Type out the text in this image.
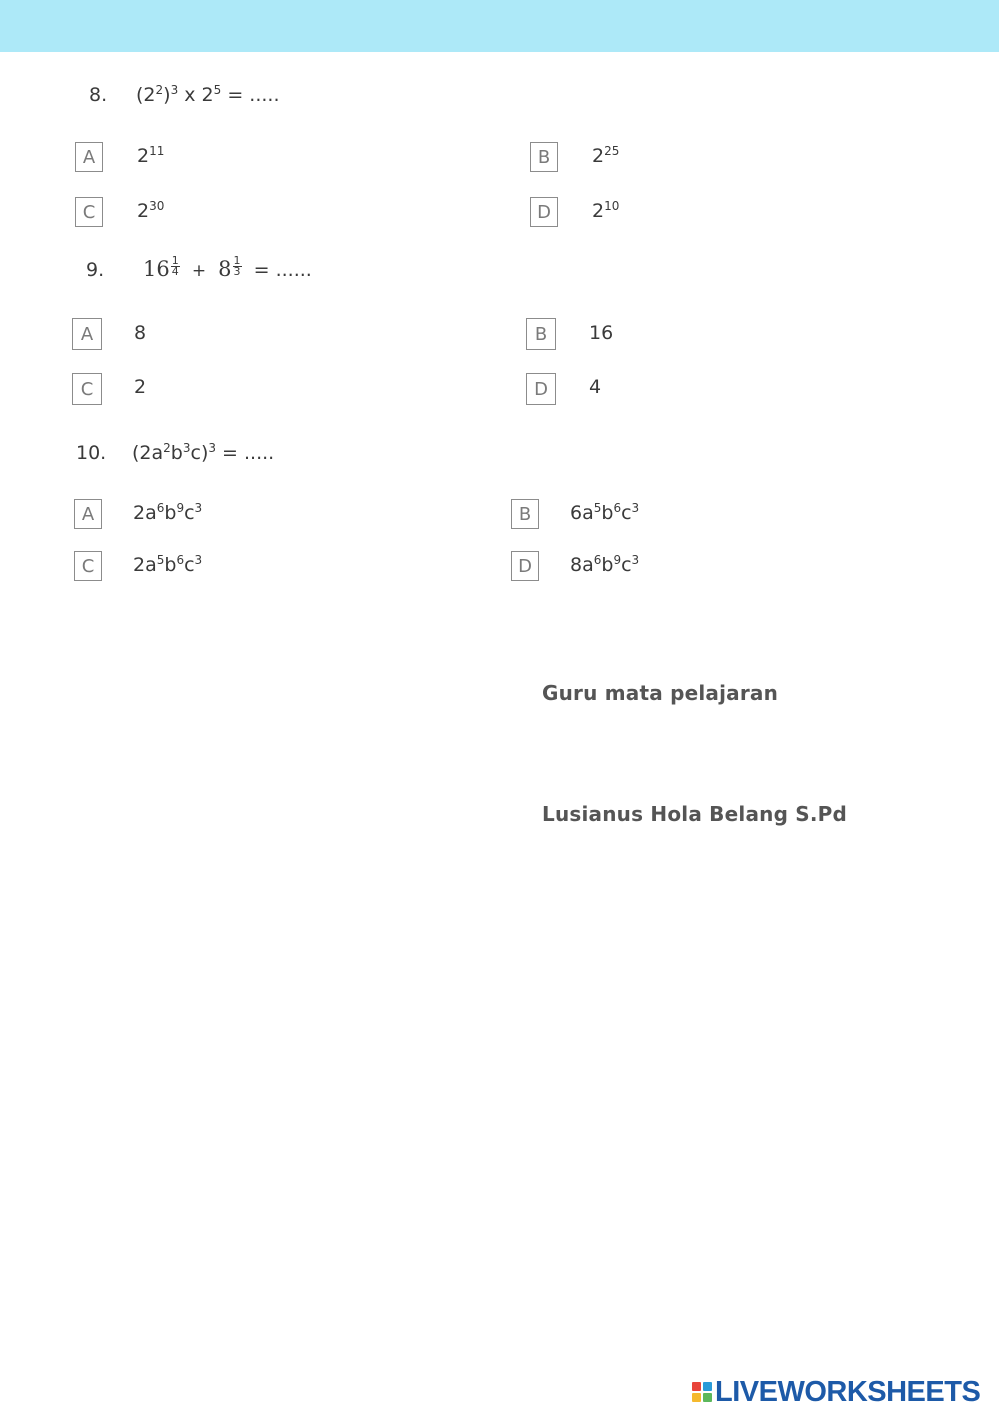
8. $(2^2)^3$ x $2^5$ = .....
A	$2^{11}$	B	$2^{25}$
C	$2^{30}$	D	$2^{10}$
9. $16 \frac{1}{4} + 8 \frac{1}{3}$ = ......
A	8	B	16
C	2	D	4
10. $(2a^2b^3c)^3$ = .....
A	$2a^6b^9c^3$	B	$6a^5b^6c^3$
C	$2a^5b^6c^3$	D	$8a^6b^9c^3$
Guru mata pelajaran
Lusianus Hola Belang S.Pd
LIVEWORKSHEETS
